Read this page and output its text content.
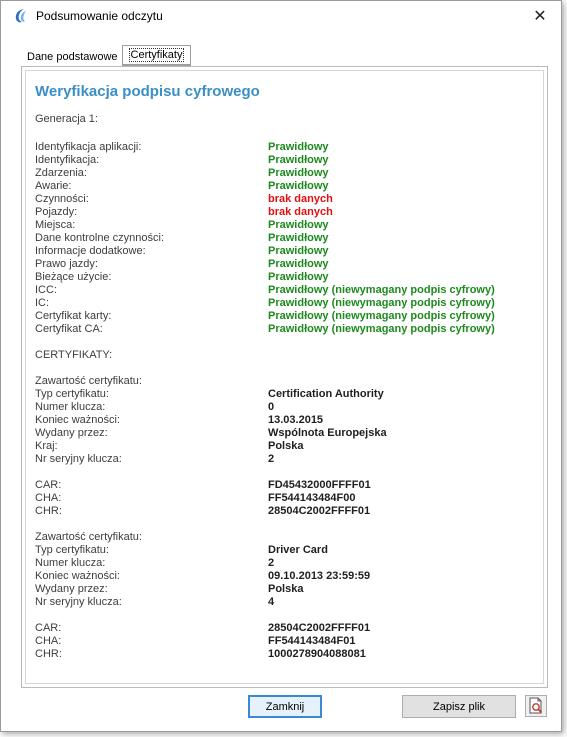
Podsumowanie odczytu	✕
Dane podstawowe	Certyfikaty
Weryfikacja podpisu cyfrowego
Generacja 1:
Identyfikacja aplikacji:	Prawidłowy
Identyfikacja:	Prawidłowy
Zdarzenia:	Prawidłowy
Awarie:	Prawidłowy
Czynności:	brak danych
Pojazdy:	brak danych
Miejsca:	Prawidłowy
Dane kontrolne czynności:	Prawidłowy
Informacje dodatkowe:	Prawidłowy
Prawo jazdy:	Prawidłowy
Bieżące użycie:	Prawidłowy
ICC:	Prawidłowy (niewymagany podpis cyfrowy)
IC:	Prawidłowy (niewymagany podpis cyfrowy)
Certyfikat karty:	Prawidłowy (niewymagany podpis cyfrowy)
Certyfikat CA:	Prawidłowy (niewymagany podpis cyfrowy)
CERTYFIKATY:
Zawartość certyfikatu:
Typ certyfikatu:	Certification Authority
Numer klucza:	0
Koniec ważności:	13.03.2015
Wydany przez:	Wspólnota Europejska
Kraj:	Polska
Nr seryjny klucza:	2
CAR:	FD45432000FFFF01
CHA:	FF544143484F00
CHR:	28504C2002FFFF01
Zawartość certyfikatu:
Typ certyfikatu:	Driver Card
Numer klucza:	2
Koniec ważności:	09.10.2013 23:59:59
Wydany przez:	Polska
Nr seryjny klucza:	4
CAR:	28504C2002FFFF01
CHA:	FF544143484F01
CHR:	1000278904088081
Zamknij	Zapisz plik
